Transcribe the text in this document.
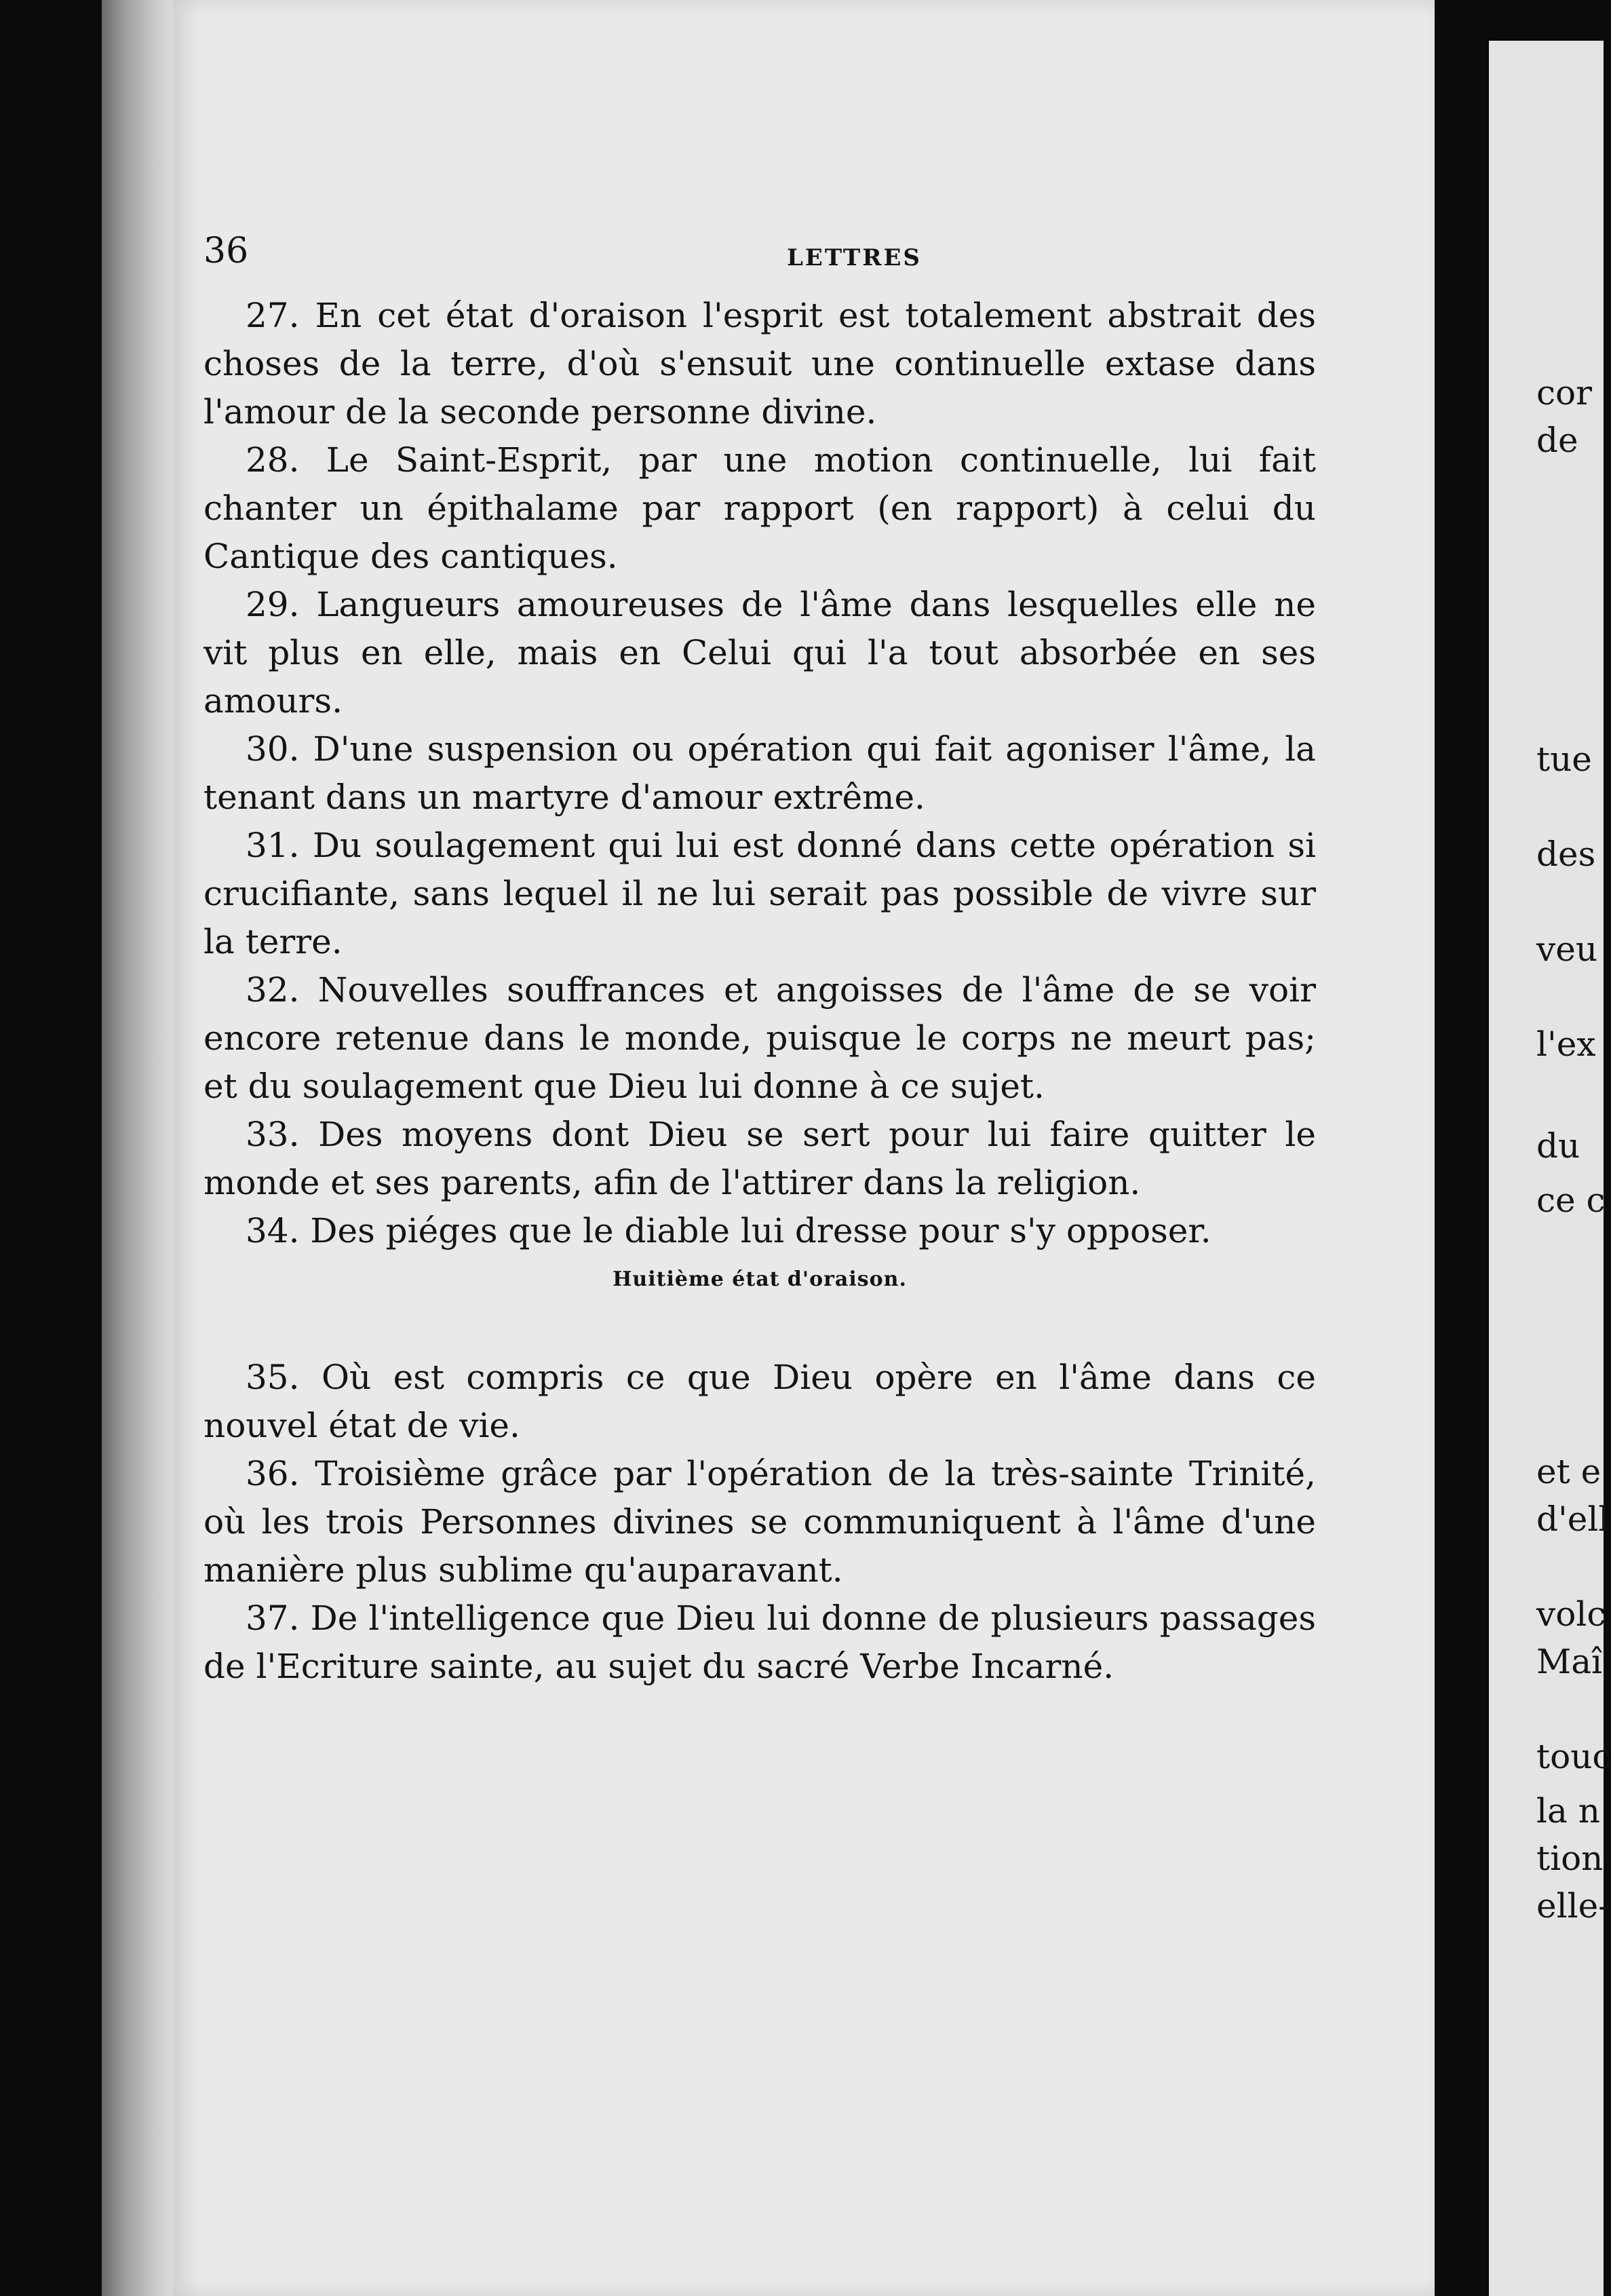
36	LETTRES

27. En cet état d'oraison l'esprit est totalement abstrait des choses de la terre, d'où s'ensuit une continuelle extase dans l'amour de la seconde personne divine.

28. Le Saint-Esprit, par une motion continuelle, lui fait chanter un épithalame par rapport (en rapport) à celui du Cantique des cantiques.

29. Langueurs amoureuses de l'âme dans lesquelles elle ne vit plus en elle, mais en Celui qui l'a tout absorbée en ses amours.

30. D'une suspension ou opération qui fait agoniser l'âme, la tenant dans un martyre d'amour extrême.

31. Du soulagement qui lui est donné dans cette opération si crucifiante, sans lequel il ne lui serait pas possible de vivre sur la terre.

32. Nouvelles souffrances et angoisses de l'âme de se voir encore retenue dans le monde, puisque le corps ne meurt pas; et du soulagement que Dieu lui donne à ce sujet.

33. Des moyens dont Dieu se sert pour lui faire quitter le monde et ses parents, afin de l'attirer dans la religion.

34. Des piéges que le diable lui dresse pour s'y opposer.

Huitième état d'oraison.

35. Où est compris ce que Dieu opère en l'âme dans ce nouvel état de vie.

36. Troisième grâce par l'opération de la très-sainte Trinité, où les trois Personnes divines se communiquent à l'âme d'une manière plus sublime qu'auparavant.

37. De l'intelligence que Dieu lui donne de plusieurs passages de l'Ecriture sainte, au sujet du sacré Verbe Incarné.

cor
de
tue
des
veu
l'ex
du
ce c
et e
d'ell
volc
Maî
touc
la n
tion
elle-
